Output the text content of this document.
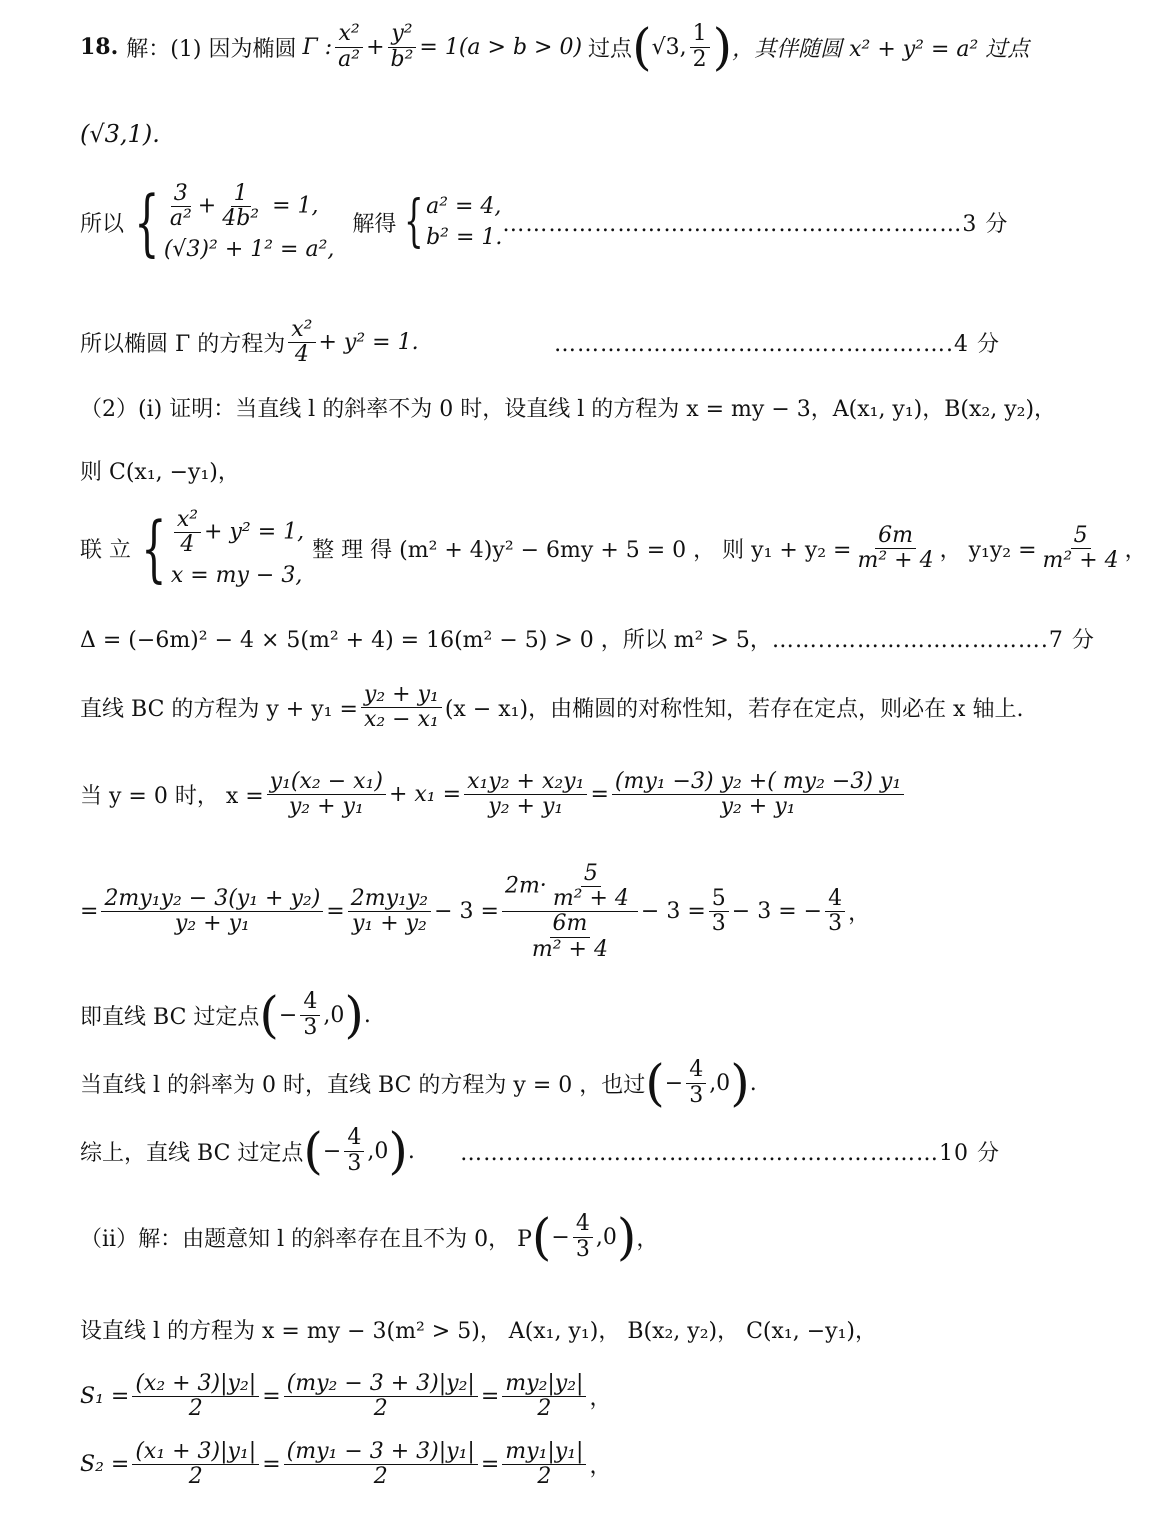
18. 解：(1) 因为椭圆 Γ : $\frac{\text{x²}}{\text{a²}} + \frac{\text{y²}}{\text{b²}} = 1(a > b > 0)$ 过点 ( √3, $\frac{1}{2}$ ) ，其伴随圆 x² + y² = a² 过点
(√3,1).
所以 { $\frac{3}{\text{a²}} + \frac{1}{\text{4b²}} = 1$,
(√3)² + 1² = a²,
解得 { a² = 4,
b² = 1.
……………………………………………………3 分
所以椭圆 Γ 的方程为 $\frac{\text{x²}}{4} + y^2 = 1$.	………………………………..……….….4 分
（2）(i) 证明：当直线 l 的斜率不为 0 时，设直线 l 的方程为 x = my − 3，A(x₁, y₁)，B(x₂, y₂)，
则 C(x₁, −y₁)，
联 立 { $\frac{\text{x²}}{4} + y^2 = 1$,
x = my − 3,
整 理 得 (m² + 4)y² − 6my + 5 = 0 ， 则 $y_1 + y_2 = \frac{6m}{\text{m² + 4}}$ ， $y_1y_2 = \frac{5}{\text{m² + 4}}$ ，
Δ = (−6m)² − 4 × 5(m² + 4) = 16(m² − 5) > 0 ，所以 m² > 5， ……..……………………….7 分
直线 BC 的方程为 $y + y_1 = \frac{\text{y₂ + y₁}}{\text{x₂ − x₁}} (x - x_1)$，由椭圆的对称性知，若存在定点，则必在 x 轴上.
当 y = 0 时， $x = \frac{\text{y₁(x₂ − x₁)}}{\text{y₂ + y₁}} + x_1 = \frac{\text{x₁y₂ + x₂y₁}}{\text{y₂ + y₁}} = \frac{\text{(my₁ −3) y₂ +( my₂ −3) y₁}}{\text{y₂ + y₁}}$
= $\frac{\text{2my₁y₂ − 3(y₁ + y₂)}}{\text{y₂ + y₁}} = \frac{\text{2my₁y₂}}{\text{y₁ + y₂}} - 3 = \frac{2m\cdot \frac{5}{\text{m² + 4}}}{\frac{6m}{\text{m² + 4}}} - 3 = \frac{5}{3} - 3$ = − $\frac{4}{3}$ ，
即直线 BC 过定点 ( − $\frac{4}{3} ,0$ ) .
当直线 l 的斜率为 0 时，直线 BC 的方程为 y = 0 ，也过 ( − $\frac{4}{3} ,0$ ) .
综上，直线 BC 过定点 ( − $\frac{4}{3} ,0$ ) . ……...……………...……………..…...…………10 分
（ii）解：由题意知 l 的斜率存在且不为 0， P ( − $\frac{4}{3} ,0$ ) ，
设直线 l 的方程为 x = my − 3(m² > 5)， A(x₁, y₁)， B(x₂, y₂)， C(x₁, −y₁)，
$S_1 = \frac{\text{(x₂ + 3)|y₂|}}{2} = \frac{\text{(my₂ − 3 + 3)|y₂|}}{2} = \frac{\text{my₂|y₂|}}{2}$ ，
$S_2 = \frac{\text{(x₁ + 3)|y₁|}}{2} = \frac{\text{(my₁ − 3 + 3)|y₁|}}{2} = \frac{\text{my₁|y₁|}}{2}$ ，
